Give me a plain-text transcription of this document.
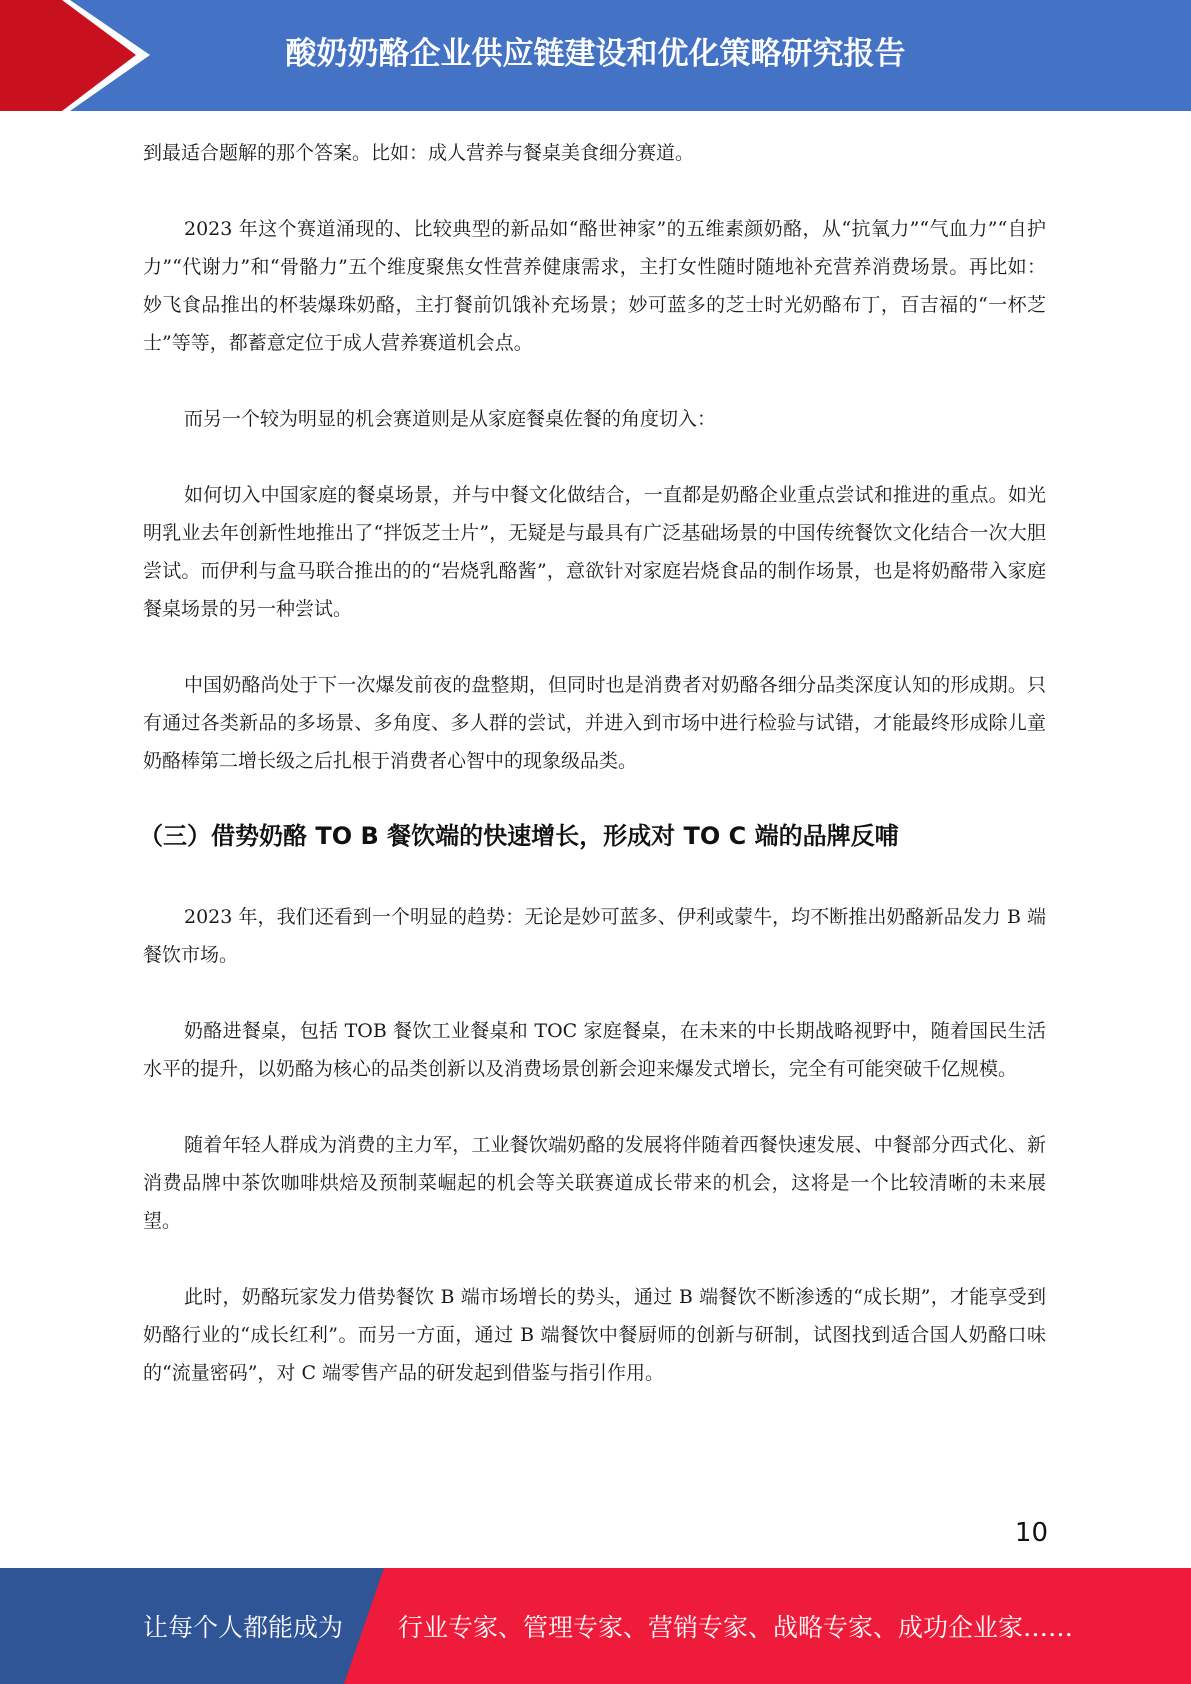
酸奶奶酪企业供应链建设和优化策略研究报告

到最适合题解的那个答案。比如：成人营养与餐桌美食细分赛道。

2023 年这个赛道涌现的、比较典型的新品如“酪世神家”的五维素颜奶酪，从“抗氧力”“气血力”“自护力”“代谢力”和“骨骼力”五个维度聚焦女性营养健康需求，主打女性随时随地补充营养消费场景。再比如：妙飞食品推出的杯装爆珠奶酪，主打餐前饥饿补充场景；妙可蓝多的芝士时光奶酪布丁，百吉福的“一杯芝士”等等，都蓄意定位于成人营养赛道机会点。

而另一个较为明显的机会赛道则是从家庭餐桌佐餐的角度切入：

如何切入中国家庭的餐桌场景，并与中餐文化做结合，一直都是奶酪企业重点尝试和推进的重点。如光明乳业去年创新性地推出了“拌饭芝士片”，无疑是与最具有广泛基础场景的中国传统餐饮文化结合一次大胆尝试。而伊利与盒马联合推出的的“岩烧乳酪酱”，意欲针对家庭岩烧食品的制作场景，也是将奶酪带入家庭餐桌场景的另一种尝试。

中国奶酪尚处于下一次爆发前夜的盘整期，但同时也是消费者对奶酪各细分品类深度认知的形成期。只有通过各类新品的多场景、多角度、多人群的尝试，并进入到市场中进行检验与试错，才能最终形成除儿童奶酪棒第二增长级之后扎根于消费者心智中的现象级品类。

（三）借势奶酪 TO B 餐饮端的快速增长，形成对 TO C 端的品牌反哺

2023 年，我们还看到一个明显的趋势：无论是妙可蓝多、伊利或蒙牛，均不断推出奶酪新品发力 B 端餐饮市场。

奶酪进餐桌，包括 TOB 餐饮工业餐桌和 TOC 家庭餐桌，在未来的中长期战略视野中，随着国民生活水平的提升，以奶酪为核心的品类创新以及消费场景创新会迎来爆发式增长，完全有可能突破千亿规模。

随着年轻人群成为消费的主力军，工业餐饮端奶酪的发展将伴随着西餐快速发展、中餐部分西式化、新消费品牌中茶饮咖啡烘焙及预制菜崛起的机会等关联赛道成长带来的机会，这将是一个比较清晰的未来展望。

此时，奶酪玩家发力借势餐饮 B 端市场增长的势头，通过 B 端餐饮不断渗透的“成长期”，才能享受到奶酪行业的“成长红利”。而另一方面，通过 B 端餐饮中餐厨师的创新与研制，试图找到适合国人奶酪口味的“流量密码”，对 C 端零售产品的研发起到借鉴与指引作用。

10
让每个人都能成为 行业专家、管理专家、营销专家、战略专家、成功企业家……
